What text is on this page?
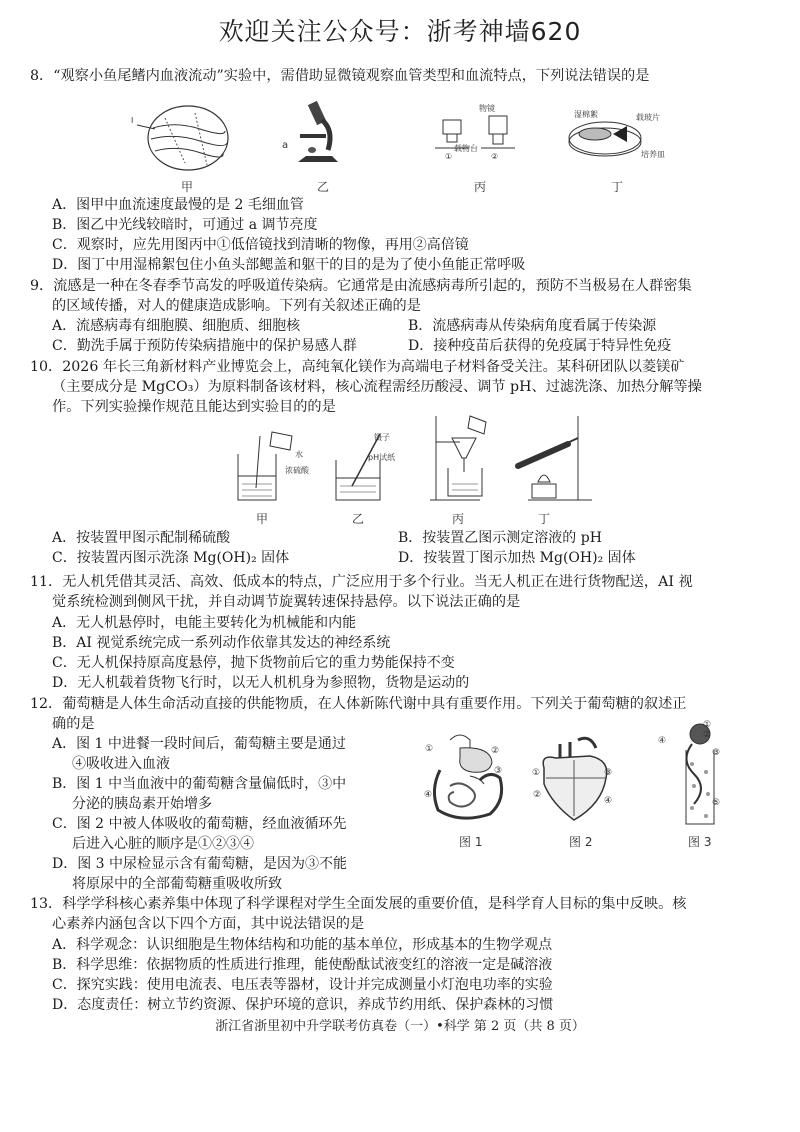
欢迎关注公众号：浙考神墙620
8．“观察小鱼尾鳍内血液流动”实验中，需借助显微镜观察血管类型和血流特点，下列说法错误的是
I
甲
a
乙
物镜
载物台
①	②
丙
湿棉絮	载玻片
培养皿
丁
A．图甲中血流速度最慢的是 2 毛细血管
B．图乙中光线较暗时，可通过 a 调节亮度
C．观察时，应先用图丙中①低倍镜找到清晰的物像，再用②高倍镜
D．图丁中用湿棉絮包住小鱼头部鳃盖和躯干的目的是为了使小鱼能正常呼吸
9．流感是一种在冬春季节高发的呼吸道传染病。它通常是由流感病毒所引起的，预防不当极易在人群密集
的区域传播，对人的健康造成影响。下列有关叙述正确的是
A．流感病毒有细胞膜、细胞质、细胞核	B．流感病毒从传染病角度看属于传染源
C．勤洗手属于预防传染病措施中的保护易感人群	D．接种疫苗后获得的免疫属于特异性免疫
10．2026 年长三角新材料产业博览会上，高纯氧化镁作为高端电子材料备受关注。某科研团队以菱镁矿
（主要成分是 MgCO₃）为原料制备该材料，核心流程需经历酸浸、调节 pH、过滤洗涤、加热分解等操
作。下列实验操作规范且能达到实验目的的是
水
浓硫酸
甲
镊子
pH试纸
乙	丙	丁
A．按装置甲图示配制稀硫酸	B．按装置乙图示测定溶液的 pH
C．按装置丙图示洗涤 Mg(OH)₂ 固体	D．按装置丁图示加热 Mg(OH)₂ 固体
11．无人机凭借其灵活、高效、低成本的特点，广泛应用于多个行业。当无人机正在进行货物配送，AI 视
觉系统检测到侧风干扰，并自动调节旋翼转速保持悬停。以下说法正确的是
A．无人机悬停时，电能主要转化为机械能和内能
B．AI 视觉系统完成一系列动作依靠其发达的神经系统
C．无人机保持原高度悬停，抛下货物前后它的重力势能保持不变
D．无人机载着货物飞行时，以无人机机身为参照物，货物是运动的
12．葡萄糖是人体生命活动直接的供能物质，在人体新陈代谢中具有重要作用。下列关于葡萄糖的叙述正
确的是
A．图 1 中进餐一段时间后，葡萄糖主要是通过
④吸收进入血液
B．图 1 中当血液中的葡萄糖含量偏低时，③中
分泌的胰岛素开始增多
C．图 2 中被人体吸收的葡萄糖，经血液循环先
后进入心脏的顺序是①②③④
D．图 3 中尿检显示含有葡萄糖，是因为③不能
将原尿中的全部葡萄糖重吸收所致
①	②
③
④
图 1
①
②
③
④
图 2
①
②
③
④
⑤
图 3
13．科学学科核心素养集中体现了科学课程对学生全面发展的重要价值，是科学育人目标的集中反映。核
心素养内涵包含以下四个方面，其中说法错误的是
A．科学观念：认识细胞是生物体结构和功能的基本单位，形成基本的生物学观点
B．科学思维：依据物质的性质进行推理，能使酚酞试液变红的溶液一定是碱溶液
C．探究实践：使用电流表、电压表等器材，设计并完成测量小灯泡电功率的实验
D．态度责任：树立节约资源、保护环境的意识，养成节约用纸、保护森林的习惯
浙江省浙里初中升学联考仿真卷（一）•科学 第 2 页（共 8 页）
